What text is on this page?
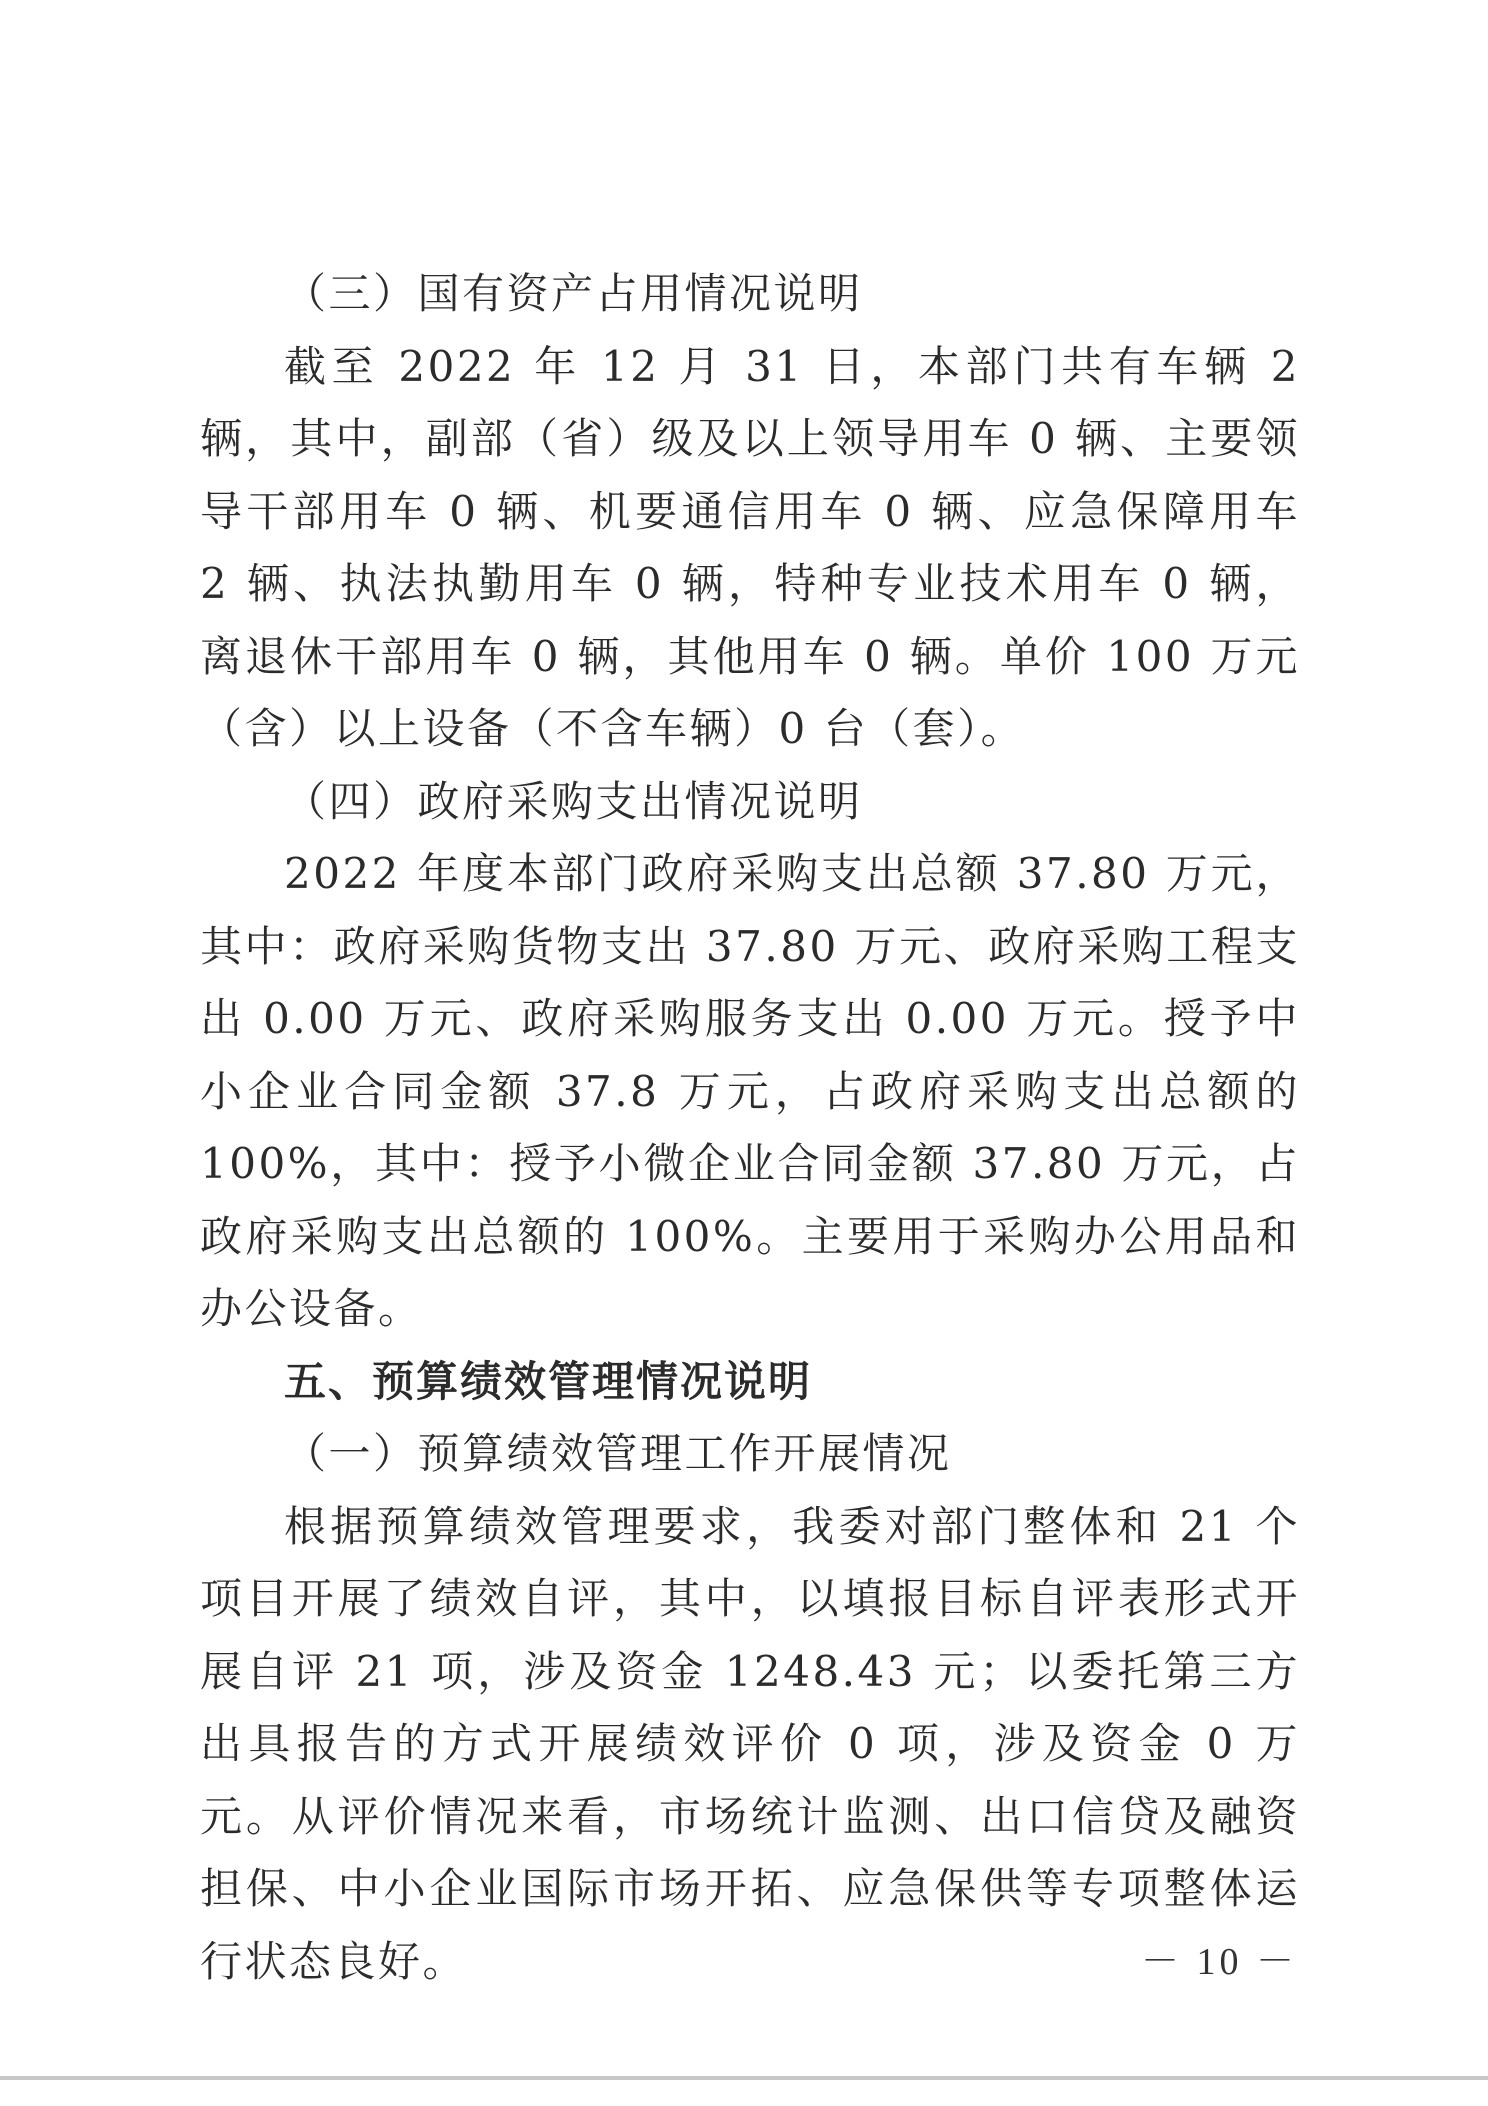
（三）国有资产占用情况说明

截至 2022 年 12 月 31 日，本部门共有车辆 2 辆，其中，副部（省）级及以上领导用车 0 辆、主要领导干部用车 0 辆、机要通信用车 0 辆、应急保障用车 2 辆、执法执勤用车 0 辆，特种专业技术用车 0 辆，离退休干部用车 0 辆，其他用车 0 辆。单价 100 万元（含）以上设备（不含车辆）0 台（套）。

（四）政府采购支出情况说明

2022 年度本部门政府采购支出总额 37.80 万元，其中：政府采购货物支出 37.80 万元、政府采购工程支出 0.00 万元、政府采购服务支出 0.00 万元。授予中小企业合同金额 37.8 万元，占政府采购支出总额的 100%，其中：授予小微企业合同金额 37.80 万元，占政府采购支出总额的 100%。主要用于采购办公用品和办公设备。

五、预算绩效管理情况说明

（一）预算绩效管理工作开展情况

根据预算绩效管理要求，我委对部门整体和 21 个项目开展了绩效自评，其中，以填报目标自评表形式开展自评 21 项，涉及资金 1248.43 元；以委托第三方出具报告的方式开展绩效评价 0 项，涉及资金 0 万元。从评价情况来看，市场统计监测、出口信贷及融资担保、中小企业国际市场开拓、应急保供等专项整体运行状态良好。	－ 10 －
